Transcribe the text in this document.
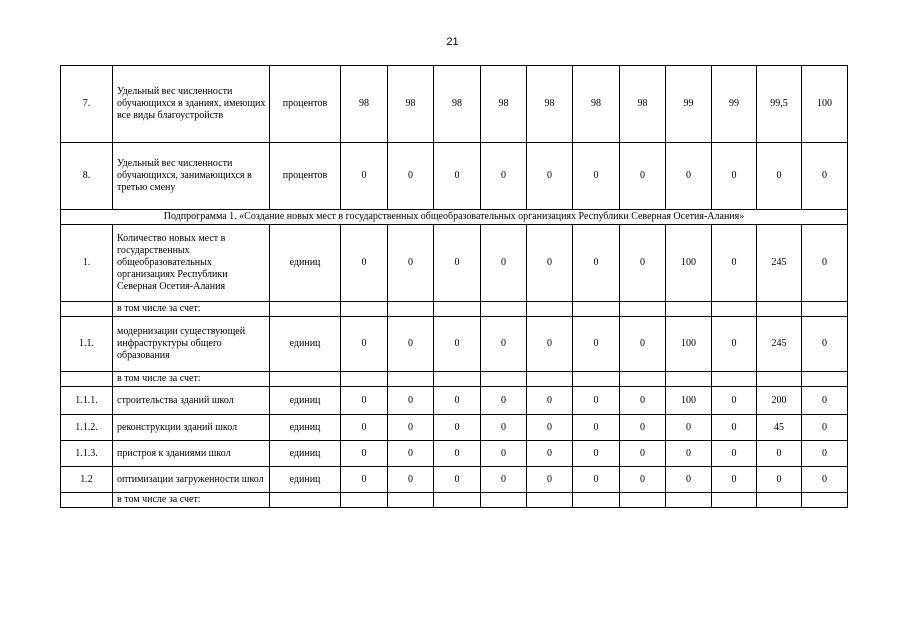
21
7.	Удельный вес численности обучающихся в зданиях, имеющих все виды благоустройств	процентов	98	98	98	98	98	98	98	99	99	99,5	100
8.	Удельный вес численности обучающихся, занимающихся в третью смену	процентов	0	0	0	0	0	0	0	0	0	0	0
Подпрограмма 1. «Создание новых мест в государственных общеобразовательных организациях Республики Северная Осетия-Алания»													
1.	Количество новых мест в государственных общеобразовательных организациях Республики Северная Осетия-Алания	единиц	0	0	0	0	0	0	0	100	0	245	0
	в том числе за счет:												
1.1.	модернизации существующей инфраструктуры общего образования	единиц	0	0	0	0	0	0	0	100	0	245	0
	в том числе за счет:												
1.1.1.	строительства зданий школ	единиц	0	0	0	0	0	0	0	100	0	200	0
1.1.2.	реконструкции зданий школ	единиц	0	0	0	0	0	0	0	0	0	45	0
1.1.3.	пристроя к зданиями школ	единиц	0	0	0	0	0	0	0	0	0	0	0
1.2	оптимизации загруженности школ	единиц	0	0	0	0	0	0	0	0	0	0	0
	в том числе за счет:												
